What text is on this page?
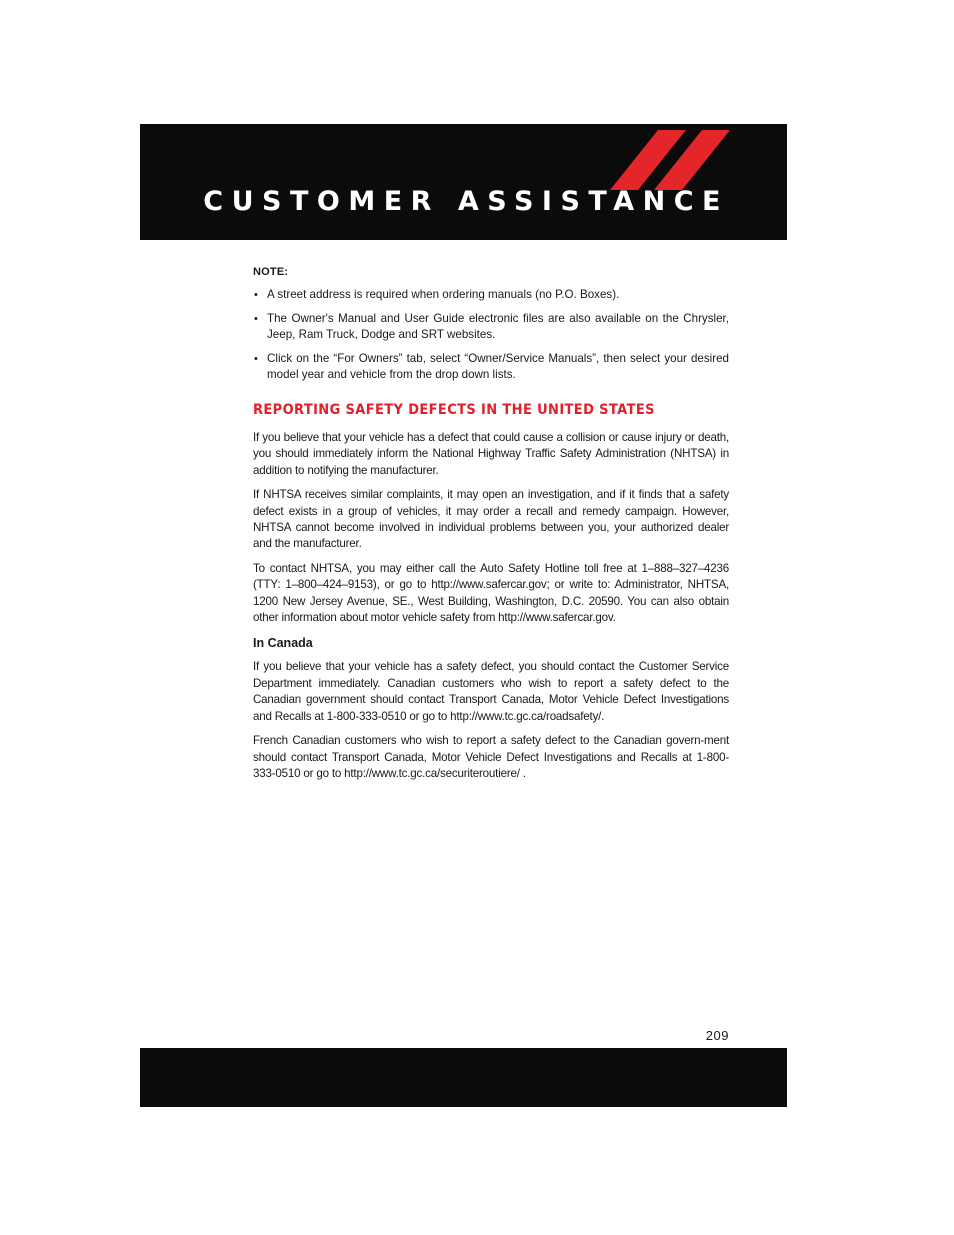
CUSTOMER ASSISTANCE
NOTE:
• A street address is required when ordering manuals (no P.O. Boxes).
• The Owner's Manual and User Guide electronic files are also available on the Chrysler, Jeep, Ram Truck, Dodge and SRT websites.
• Click on the “For Owners” tab, select “Owner/Service Manuals”, then select your desired model year and vehicle from the drop down lists.
REPORTING SAFETY DEFECTS IN THE UNITED STATES

If you believe that your vehicle has a defect that could cause a collision or cause injury or death, you should immediately inform the National Highway Traffic Safety Administration (NHTSA) in addition to notifying the manufacturer.

If NHTSA receives similar complaints, it may open an investigation, and if it finds that a safety defect exists in a group of vehicles, it may order a recall and remedy campaign. However, NHTSA cannot become involved in individual problems between you, your authorized dealer and the manufacturer.

To contact NHTSA, you may either call the Auto Safety Hotline toll free at 1–888–327–4236 (TTY: 1–800–424–9153), or go to http://www.safercar.gov; or write to: Administrator, NHTSA, 1200 New Jersey Avenue, SE., West Building, Washington, D.C. 20590. You can also obtain other information about motor vehicle safety from http://www.safercar.gov.

In Canada

If you believe that your vehicle has a safety defect, you should contact the Customer Service Department immediately. Canadian customers who wish to report a safety defect to the Canadian government should contact Transport Canada, Motor Vehicle Defect Investigations and Recalls at 1-800-333-0510 or go to http://www.tc.gc.ca/roadsafety/.

French Canadian customers who wish to report a safety defect to the Canadian govern-ment should contact Transport Canada, Motor Vehicle Defect Investigations and Recalls at 1-800-333-0510 or go to http://www.tc.gc.ca/securiteroutiere/ .

209
